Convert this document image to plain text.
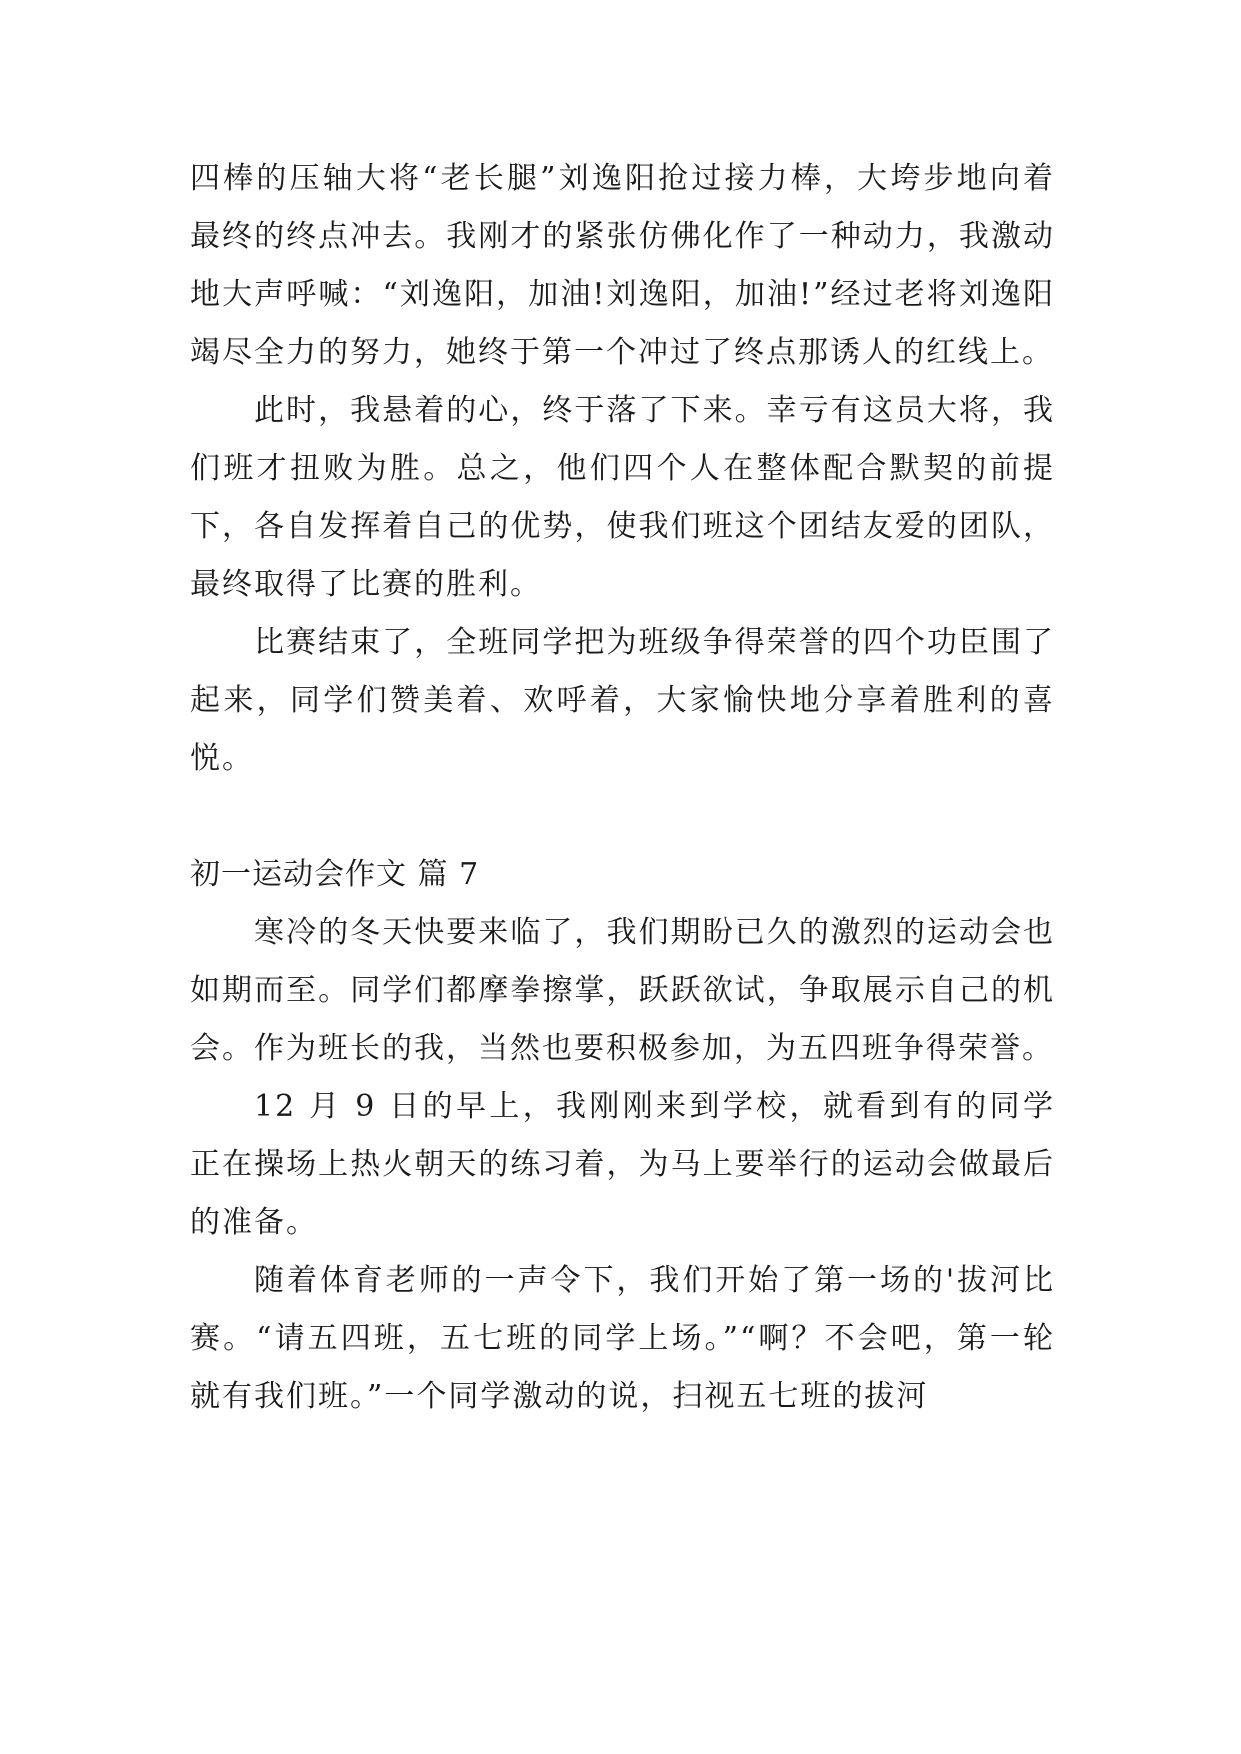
四棒的压轴大将“老长腿”刘逸阳抢过接力棒，大垮步地向着最终的终点冲去。我刚才的紧张仿佛化作了一种动力，我激动地大声呼喊：“刘逸阳，加油!刘逸阳，加油!”经过老将刘逸阳竭尽全力的努力，她终于第一个冲过了终点那诱人的红线上。

此时，我悬着的心，终于落了下来。幸亏有这员大将，我们班才扭败为胜。总之，他们四个人在整体配合默契的前提下，各自发挥着自己的优势，使我们班这个团结友爱的团队，最终取得了比赛的胜利。

比赛结束了，全班同学把为班级争得荣誉的四个功臣围了起来，同学们赞美着、欢呼着，大家愉快地分享着胜利的喜悦。

初一运动会作文 篇 7

寒冷的冬天快要来临了，我们期盼已久的激烈的运动会也如期而至。同学们都摩拳擦掌，跃跃欲试，争取展示自己的机会。作为班长的我，当然也要积极参加，为五四班争得荣誉。

12 月 9 日的早上，我刚刚来到学校，就看到有的同学正在操场上热火朝天的练习着，为马上要举行的运动会做最后的准备。

随着体育老师的一声令下，我们开始了第一场的'拔河比赛。“请五四班，五七班的同学上场。”“啊？不会吧，第一轮就有我们班。”一个同学激动的说，扫视五七班的拔河
